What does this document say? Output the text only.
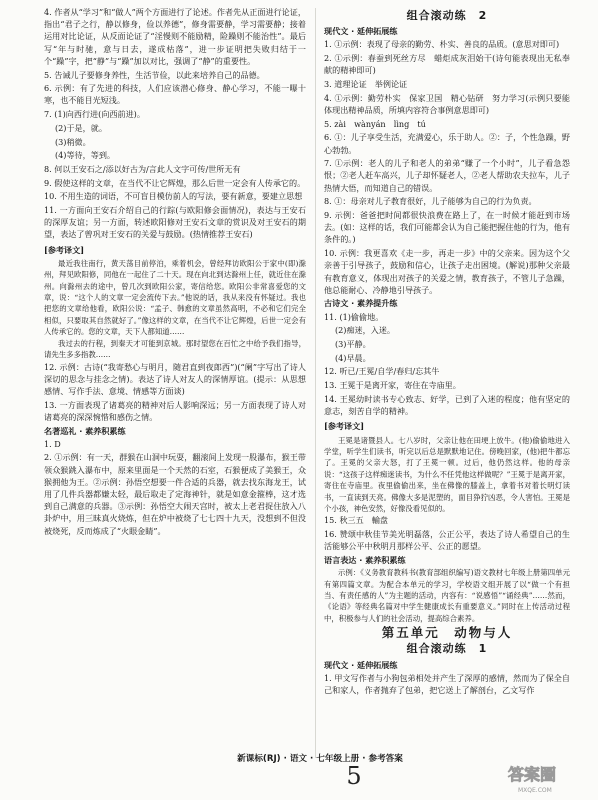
4. 作者从“学习”和“做人”两个方面进行了论述。作者先从正面进行论证，指出“君子之行，静以修身，俭以养德”，修身需要静，学习需要静；接着运用对比论证，从反面论证了“淫慢则不能励精，险躁则不能治性”。最后写“年与时驰，意与日去，遂成枯落”，进一步证明把失败归结于一个“躁”字，把“静”与“躁”加以对比，强调了“静”的重要性。

5. 告诫儿子要修身养性，生活节俭，以此来培养自己的品德。

6. 示例：有了先进的科技，人们应该潜心修身、静心学习，不能一曝十寒，也不能目光短浅。

7. (1)向西行进(向西前进)。

(2)于是，就。

(3)稍微。

(4)等待，等到。

8. 何以王安石之/添以好古为/言此人文字可传/世所无有

9. 假使这样的文章，在当代不让它辉煌，那么后世一定会有人传承它的。

10. 不用生造的词语，不可盲目模仿前人的写法，要有新意，要建立思想

11. 一方面向王安石介绍自己的行踪(与欧阳修会面情况)，表达与王安石的深厚友谊；另一方面，转述欧阳修对王安石文章的赏识及对王安石的期望，表达了曾巩对王安石的关爱与鼓励。(热情推荐王安石)

[参考译文]

最近我往南行，黄天荡目前停泊，乘着机会，曾经拜访欧阳公于家中(即)滁州，拜见欧阳修，同他在一起住了二十天。现在向北到达滁州上任，就近住在滁州。向滁州去的途中，曾几次到欧阳公家，寄信给您。欧阳公非常喜爱您的文章，说：“这个人的文章一定会流传下去。”他说的话，我从来没有怀疑过。我也把您的文章给他看，欧阳公说：“孟子、韩愈的文章虽然高明，不必和它们完全相似，只要取其自然就好了。”像这样的文章，在当代不让它辉煌，后世一定会有人传承它的。您的文章，天下人都知道……

我过去的行程，到秦天才可能到京城。那时望您在百忙之中给予我们指导，请先生多多指教……

12. 示例：古诗(“我寄愁心与明月，随君直到夜郎西”)(“阑”字写出了诗人深切的思念与挂念之情)。表达了诗人对友人的深情厚谊。(提示：从思想感情、写作手法、意境、情感等方面谈)

13. 一方面表现了诸葛亮的精神对后人影响深远；另一方面表现了诗人对诸葛亮的深深惋惜和感伤之情。

名著巡礼 · 素养积累练

1. D

2. ①示例：有一天，群猴在山洞中玩耍，翻滚间上发现一股瀑布，猴王带领众猴跳入瀑布中，原来里面是一个天然的石室，石猴便成了美猴王，众猴拥他为王。②示例：孙悟空想要一件合适的兵器，就去找东海龙王，试用了几件兵器都嫌太轻，最后取走了定海神针，就是如意金箍棒，这才选到自己满意的兵器。③示例：孙悟空大闹天宫时，被太上老君捉住放入八卦炉中，用三昧真火烧炼，但在炉中被烧了七七四十九天，没想到不但没被烧死，反而炼成了“火眼金睛”。

组合滚动练　2
现代文 · 延伸拓展练

1. ①示例：表现了母亲的勤劳、朴实、善良的品质。(意思对即可)

2. ①示例：春蚕到死丝方尽　蜡炬成灰泪始干(诗句能表现出无私奉献的精神即可)

3. 道理论证　举例论证

4. ①示例：勤劳朴实　保家卫国　精心钻研　努力学习(示例只要能体现出精神品质，所填内容符合事例意思即可)

5. zài　wànyán　lìng　tú

6. ①：儿子享受生活，充满爱心，乐于助人。②：子，个性急躁，野心勃勃。

7. ①示例：老人的儿子和老人的弟弟“赚了一个小时”，儿子看急怨恨；②老人赶车高兴，儿子却怀疑老人，②老人帮助农夫拉车，儿子热情大悟，而知道自己的错误。

8. ①：母亲对儿子教育很好，儿子能够为自己的行为负责。

9. 示例：爸爸把时间都很快浪费在路上了，在一时候才能赶到市场去。(如：这样的话，我们可能都会认为自己能把握住他的行为，他有条件的。)

10. 示例：我更喜欢《走一步，再走一步》中的父亲来。因为这个父亲善于引导孩子，鼓励和信心，让孩子走出困境。(解说)那种父亲最有教育意义，体现出对孩子的关爱之情，教育孩子，不管儿子急躁，他总能耐心、冷静地引导孩子。

古诗文 · 素养提升练

11. (1)偷偷地。

(2)痴迷，入迷。

(3)平静。

(4)早晨。

12. 听已/王冕/自学/春归/忘其牛

13. 王冕于是离开家，寄住在寺庙里。

14. 王冕幼时读书专心致志、好学，已到了入迷的程度；他有坚定的意志，刻苦自学的精神。

[参考译文]

王冕是诸暨县人。七八岁时，父亲让他在田埂上放牛。(他)偷偷地进入学堂，听学生们读书，听完以后总是默默地记住。傍晚回家，(他)把牛都忘了。王冕的父亲大怒，打了王冕一顿。过后，他仍然这样。他的母亲说：“这孩子这样痴迷读书，为什么不任凭他这样做呢？”王冕于是离开家，寄住在寺庙里。夜里偷偷出来，坐在佛像的膝盖上，拿着书对着长明灯读书，一直读到天亮。佛像大多是泥塑的，面目狰狞凶恶，令人害怕。王冕是个小孩，神色安然，好像没看见似的。

15. 秋三五　輸盘

16. 赞颂中秋佳节美光明磊落，公正公平，表达了诗人希望自己的生活能够公平中秋明月那样公平、公正的愿望。

语言表达 · 素养积累练

示例：《义务教育教科书(教育部组织编写)语文教材七年级上册第四单元有第四篇文章。为配合本单元的学习，学校语文组开展了以“做一个有担当、有责任感的人”为主题的活动，内容有：“说感悟”“诵经典”……然而，《论语》等经典名篇对中学生健康成长有重要意义。”同时在上传活动过程中，积极参与人们的社会活动，提高综合素养。

第五单元　动物与人
组合滚动练　1
现代文 · 延伸拓展练

1. 甲文写作者与小狗包弟相处并产生了深厚的感情，然而为了保全自己和家人，作者抛弃了包弟，把它送上了解剖台，乙文写作

新课标(RJ) · 语文 · 七年级上册 · 参考答案
5	答案圈
MXQE.COM
